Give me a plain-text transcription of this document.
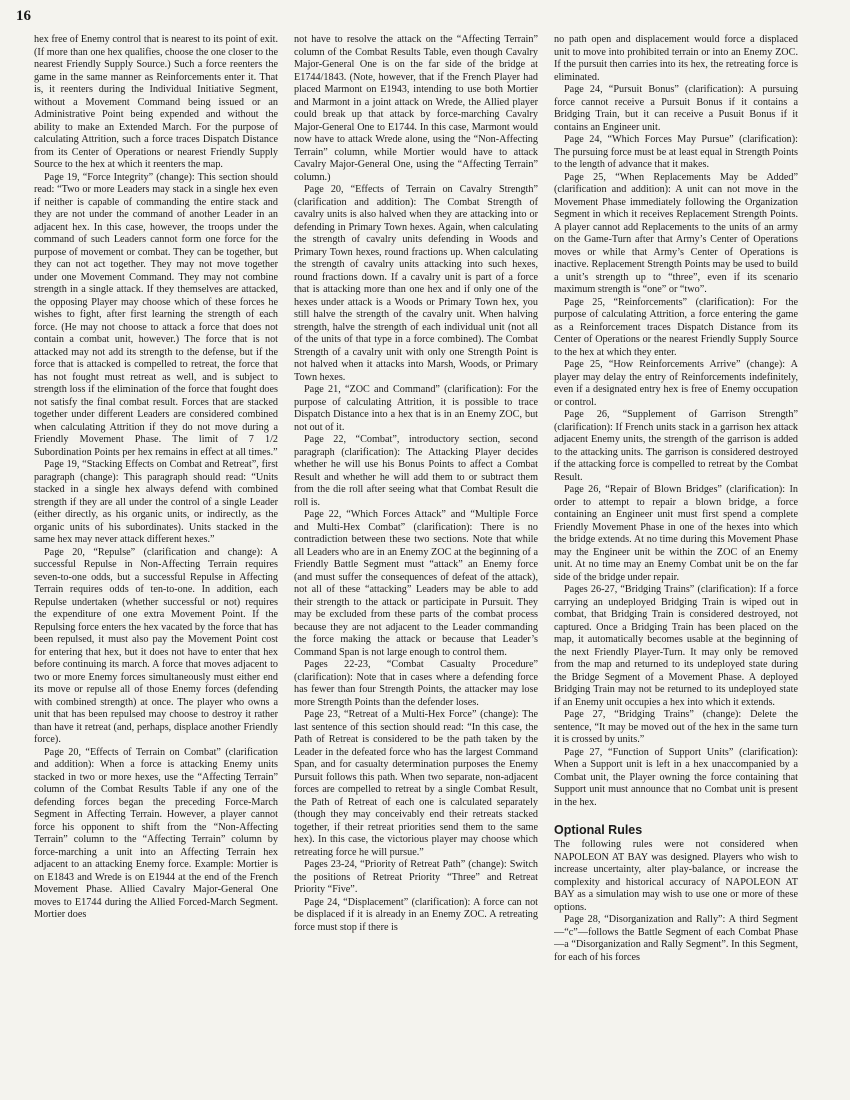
16

hex free of Enemy control that is nearest to its point of exit. (If more than one hex qualifies, choose the one closer to the nearest Friendly Supply Source.) Such a force reenters the game in the same manner as Reinforcements enter it. That is, it reenters during the Individual Initiative Segment, without a Movement Command being issued or an Administrative Point being expended and without the ability to make an Extended March. For the purpose of calculating Attrition, such a force traces Dispatch Distance from its Center of Operations or nearest Friendly Supply Source to the hex at which it reenters the map.

Page 19, “Force Integrity” (change): This section should read: “Two or more Leaders may stack in a single hex even if neither is capable of commanding the entire stack and they are not under the command of another Leader in an adjacent hex. In this case, however, the troops under the command of such Leaders cannot form one force for the purpose of movement or combat. They can be together, but they can not act together. They may not move together under one Movement Command. They may not combine strength in a single attack. If they themselves are attacked, the opposing Player may choose which of these forces he wishes to fight, after first learning the strength of each force. (He may not choose to attack a force that does not contain a combat unit, however.) The force that is not attacked may not add its strength to the defense, but if the force that is attacked is compelled to retreat, the force that has not fought must retreat as well, and is subject to strength loss if the elimination of the force that fought does not satisfy the final combat result. Forces that are stacked together under different Leaders are considered combined when calculating Attrition if they do not move during a Friendly Movement Phase. The limit of 7 1/2 Subordination Points per hex remains in effect at all times.”

Page 19, “Stacking Effects on Combat and Retreat”, first paragraph (change): This paragraph should read: “Units stacked in a single hex always defend with combined strength if they are all under the control of a single Leader (either directly, as his organic units, or indirectly, as the organic units of his subordinates). Units stacked in the same hex may never attack different hexes.”

Page 20, “Repulse” (clarification and change): A successful Repulse in Non-Affecting Terrain requires seven-to-one odds, but a successful Repulse in Affecting Terrain requires odds of ten-to-one. In addition, each Repulse undertaken (whether successful or not) requires the expenditure of one extra Movement Point. If the Repulsing force enters the hex vacated by the force that has been repulsed, it must also pay the Movement Point cost for entering that hex, but it does not have to enter that hex before continuing its march. A force that moves adjacent to two or more Enemy forces simultaneously must either end its move or repulse all of those Enemy forces (defending with combined strength) at once. The player who owns a unit that has been repulsed may choose to destroy it rather than have it retreat (and, perhaps, displace another Friendly force).

Page 20, “Effects of Terrain on Combat” (clarification and addition): When a force is attacking Enemy units stacked in two or more hexes, use the “Affecting Terrain” column of the Combat Results Table if any one of the defending forces began the preceding Force-March Segment in Affecting Terrain. However, a player cannot force his opponent to shift from the “Non-Affecting Terrain” column to the “Affecting Terrain” column by force-marching a unit into an Affecting Terrain hex adjacent to an attacking Enemy force. Example: Mortier is on E1843 and Wrede is on E1944 at the end of the French Movement Phase. Allied Cavalry Major-General One moves to E1744 during the Allied Forced-March Segment. Mortier does

not have to resolve the attack on the “Affecting Terrain” column of the Combat Results Table, even though Cavalry Major-General One is on the far side of the bridge at E1744/1843. (Note, however, that if the French Player had placed Marmont on E1943, intending to use both Mortier and Marmont in a joint attack on Wrede, the Allied player could break up that attack by force-marching Cavalry Major-General One to E1744. In this case, Marmont would now have to attack Wrede alone, using the “Non-Affecting Terrain” column, while Mortier would have to attack Cavalry Major-General One, using the “Affecting Terrain” column.)

Page 20, “Effects of Terrain on Cavalry Strength” (clarification and addition): The Combat Strength of cavalry units is also halved when they are attacking into or defending in Primary Town hexes. Again, when calculating the strength of cavalry units defending in Woods and Primary Town hexes, round fractions up. When calculating the strength of cavalry units attacking into such hexes, round fractions down. If a cavalry unit is part of a force that is attacking more than one hex and if only one of the hexes under attack is a Woods or Primary Town hex, you still halve the strength of the cavalry unit. When halving strength, halve the strength of each individual unit (not all of the units of that type in a force combined). The Combat Strength of a cavalry unit with only one Strength Point is not halved when it attacks into Marsh, Woods, or Primary Town hexes.

Page 21, “ZOC and Command” (clarification): For the purpose of calculating Attrition, it is possible to trace Dispatch Distance into a hex that is in an Enemy ZOC, but not out of it.

Page 22, “Combat”, introductory section, second paragraph (clarification): The Attacking Player decides whether he will use his Bonus Points to affect a Combat Result and whether he will add them to or subtract them from the die roll after seeing what that Combat Result die roll is.

Page 22, “Which Forces Attack” and “Multiple Force and Multi-Hex Combat” (clarification): There is no contradiction between these two sections. Note that while all Leaders who are in an Enemy ZOC at the beginning of a Friendly Battle Segment must “attack” an Enemy force (and must suffer the consequences of defeat of the attack), not all of these “attacking” Leaders may be able to add their strength to the attack or participate in Pursuit. They may be excluded from these parts of the combat process because they are not adjacent to the Leader commanding the force making the attack or because that Leader’s Command Span is not large enough to control them.

Pages 22-23, “Combat Casualty Procedure” (clarification): Note that in cases where a defending force has fewer than four Strength Points, the attacker may lose more Strength Points than the defender loses.

Page 23, “Retreat of a Multi-Hex Force” (change): The last sentence of this section should read: “In this case, the Path of Retreat is considered to be the path taken by the Leader in the defeated force who has the largest Command Span, and for casualty determination purposes the Enemy Pursuit follows this path. When two separate, non-adjacent forces are compelled to retreat by a single Combat Result, the Path of Retreat of each one is calculated separately (though they may conceivably end their retreats stacked together, if their retreat priorities send them to the same hex). In this case, the victorious player may choose which retreating force he will pursue.”

Pages 23-24, “Priority of Retreat Path” (change): Switch the positions of Retreat Priority “Three” and Retreat Priority “Five”.

Page 24, “Displacement” (clarification): A force can not be displaced if it is already in an Enemy ZOC. A retreating force must stop if there is

no path open and displacement would force a displaced unit to move into prohibited terrain or into an Enemy ZOC. If the pursuit then carries into its hex, the retreating force is eliminated.

Page 24, “Pursuit Bonus” (clarification): A pursuing force cannot receive a Pursuit Bonus if it contains a Bridging Train, but it can receive a Pusuit Bonus if it contains an Engineer unit.

Page 24, “Which Forces May Pursue” (clarification): The pursuing force must be at least equal in Strength Points to the length of advance that it makes.

Page 25, “When Replacements May be Added” (clarification and addition): A unit can not move in the Movement Phase immediately following the Organization Segment in which it receives Replacement Strength Points. A player cannot add Replacements to the units of an army on the Game-Turn after that Army’s Center of Operations moves or while that Army’s Center of Operations is inactive. Replacement Strength Points may be used to build a unit’s strength up to “three”, even if its scenario maximum strength is “one” or “two”.

Page 25, “Reinforcements” (clarification): For the purpose of calculating Attrition, a force entering the game as a Reinforcement traces Dispatch Distance from its Center of Operations or the nearest Friendly Supply Source to the hex at which they enter.

Page 25, “How Reinforcements Arrive” (change): A player may delay the entry of Reinforcements indefinitely, even if a designated entry hex is free of Enemy occupation or control.

Page 26, “Supplement of Garrison Strength” (clarification): If French units stack in a garrison hex attack adjacent Enemy units, the strength of the garrison is added to the attacking units. The garrison is considered destroyed if the attacking force is compelled to retreat by the Combat Result.

Page 26, “Repair of Blown Bridges” (clarification): In order to attempt to repair a blown bridge, a force containing an Engineer unit must first spend a complete Friendly Movement Phase in one of the hexes into which the bridge extends. At no time during this Movement Phase may the Engineer unit be within the ZOC of an Enemy unit. At no time may an Enemy Combat unit be on the far side of the bridge under repair.

Pages 26-27, “Bridging Trains” (clarification): If a force carrying an undeployed Bridging Train is wiped out in combat, that Bridging Train is considered destroyed, not captured. Once a Bridging Train has been placed on the map, it automatically becomes usable at the beginning of the next Friendly Player-Turn. It may only be removed from the map and returned to its undeployed state during the Bridge Segment of a Movement Phase. A deployed Bridging Train may not be returned to its undeployed state if an Enemy unit occupies a hex into which it extends.

Page 27, “Bridging Trains” (change): Delete the sentence, “It may be moved out of the hex in the same turn it is crossed by units.”

Page 27, “Function of Support Units” (clarification): When a Support unit is left in a hex unaccompanied by a Combat unit, the Player owning the force containing that Support unit must announce that no Combat unit is present in the hex.

Optional Rules

The following rules were not considered when NAPOLEON AT BAY was designed. Players who wish to increase uncertainty, alter play-balance, or increase the complexity and historical accuracy of NAPOLEON AT BAY as a simulation may wish to use one or more of these options.

Page 28, “Disorganization and Rally”: A third Segment—“c”—follows the Battle Segment of each Combat Phase—a “Disorganization and Rally Segment”. In this Segment, for each of his forces
